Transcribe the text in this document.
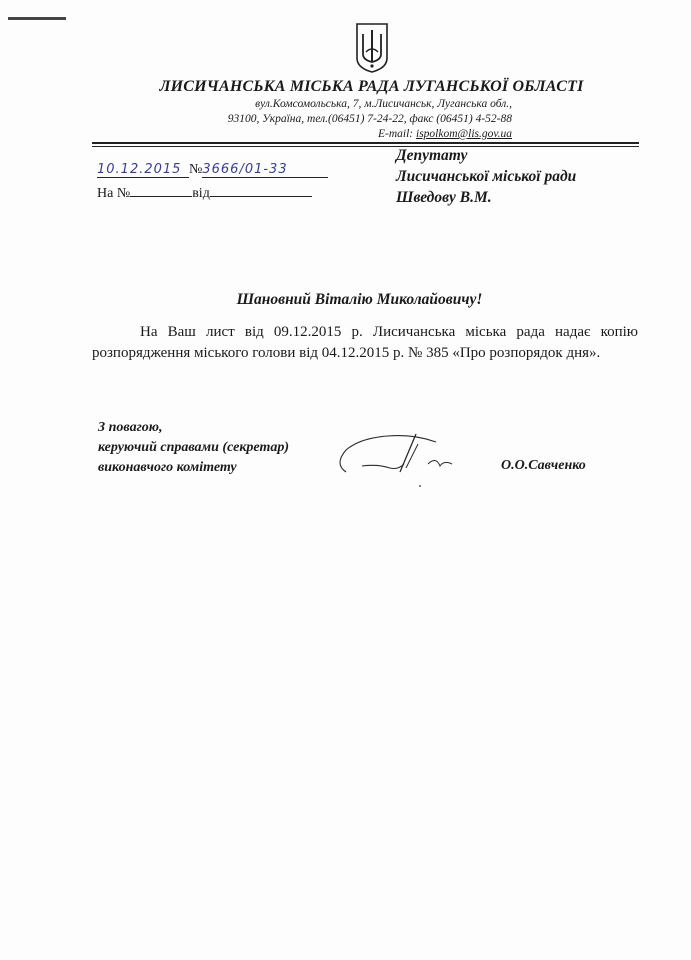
ЛИСИЧАНСЬКА МІСЬКА РАДА ЛУГАНСЬКОЇ ОБЛАСТІ
вул.Комсомольська, 7, м.Лисичанськ, Луганська обл.,
93100, Україна, тел.(06451) 7-24-22, факс (06451) 4-52-88
E-mail: ispolkom@lis.gov.ua
10.12.2015 №3666/01-33
На №	від
Депутату
Лисичанської міської ради
Шведову В.М.
Шановний Віталію Миколайовичу!
На Ваш лист від 09.12.2015 р. Лисичанська міська рада надає копію розпорядження міського голови від 04.12.2015 р. № 385 «Про розпорядок дня».
З повагою,
керуючий справами (секретар)
виконавчого комітету	О.О.Савченко
